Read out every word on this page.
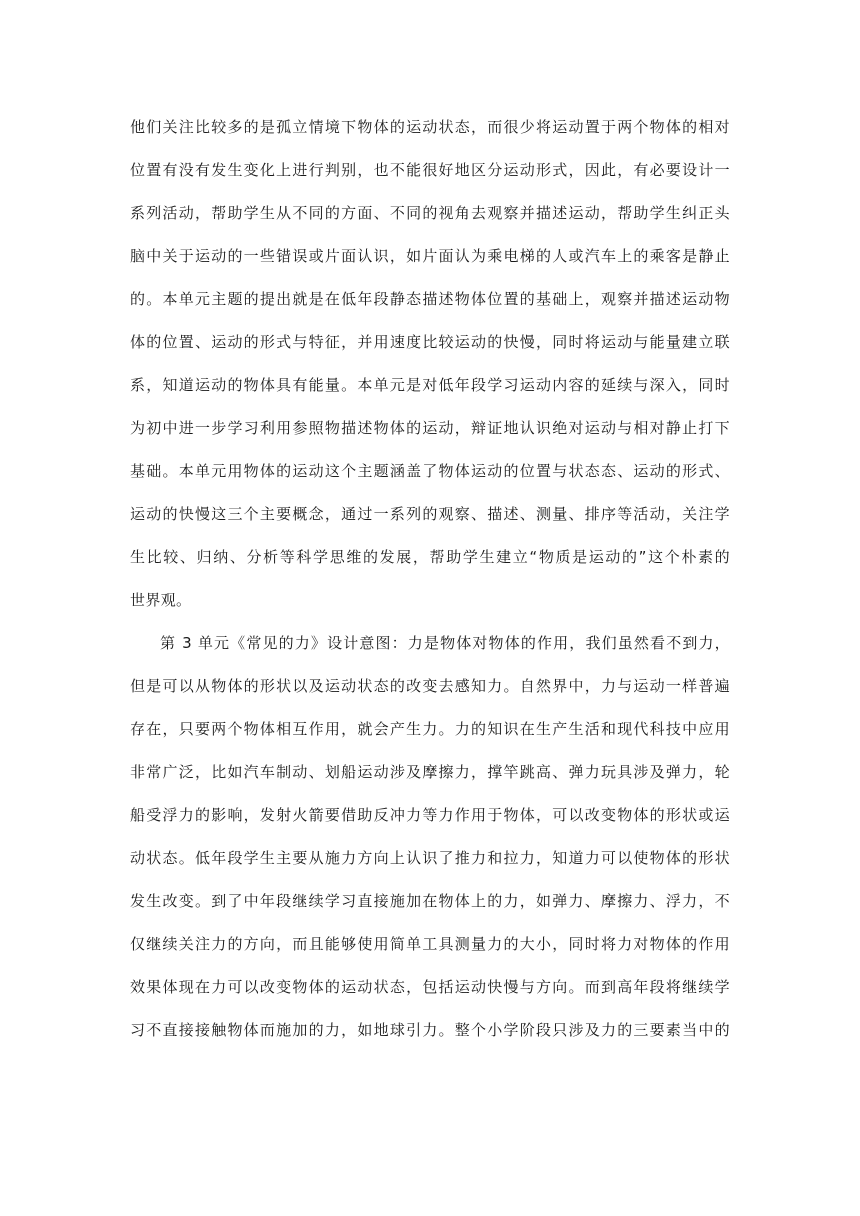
他们关注比较多的是孤立情境下物体的运动状态，而很少将运动置于两个物体的相对
位置有没有发生变化上进行判别，也不能很好地区分运动形式，因此，有必要设计一
系列活动，帮助学生从不同的方面、不同的视角去观察并描述运动，帮助学生纠正头
脑中关于运动的一些错误或片面认识，如片面认为乘电梯的人或汽车上的乘客是静止
的。本单元主题的提出就是在低年段静态描述物体位置的基础上，观察并描述运动物
体的位置、运动的形式与特征，并用速度比较运动的快慢，同时将运动与能量建立联
系，知道运动的物体具有能量。本单元是对低年段学习运动内容的延续与深入，同时
为初中进一步学习利用参照物描述物体的运动，辩证地认识绝对运动与相对静止打下
基础。本单元用物体的运动这个主题涵盖了物体运动的位置与状态态、运动的形式、
运动的快慢这三个主要概念，通过一系列的观察、描述、测量、排序等活动，关注学
生比较、归纳、分析等科学思维的发展，帮助学生建立“物质是运动的”这个朴素的
世界观。
第 3 单元《常见的力》设计意图：力是物体对物体的作用，我们虽然看不到力，
但是可以从物体的形状以及运动状态的改变去感知力。自然界中，力与运动一样普遍
存在，只要两个物体相互作用，就会产生力。力的知识在生产生活和现代科技中应用
非常广泛，比如汽车制动、划船运动涉及摩擦力，撑竿跳高、弹力玩具涉及弹力，轮
船受浮力的影响，发射火箭要借助反冲力等力作用于物体，可以改变物体的形状或运
动状态。低年段学生主要从施力方向上认识了推力和拉力，知道力可以使物体的形状
发生改变。到了中年段继续学习直接施加在物体上的力，如弹力、摩擦力、浮力，不
仅继续关注力的方向，而且能够使用简单工具测量力的大小，同时将力对物体的作用
效果体现在力可以改变物体的运动状态，包括运动快慢与方向。而到高年段将继续学
习不直接接触物体而施加的力，如地球引力。整个小学阶段只涉及力的三要素当中的
